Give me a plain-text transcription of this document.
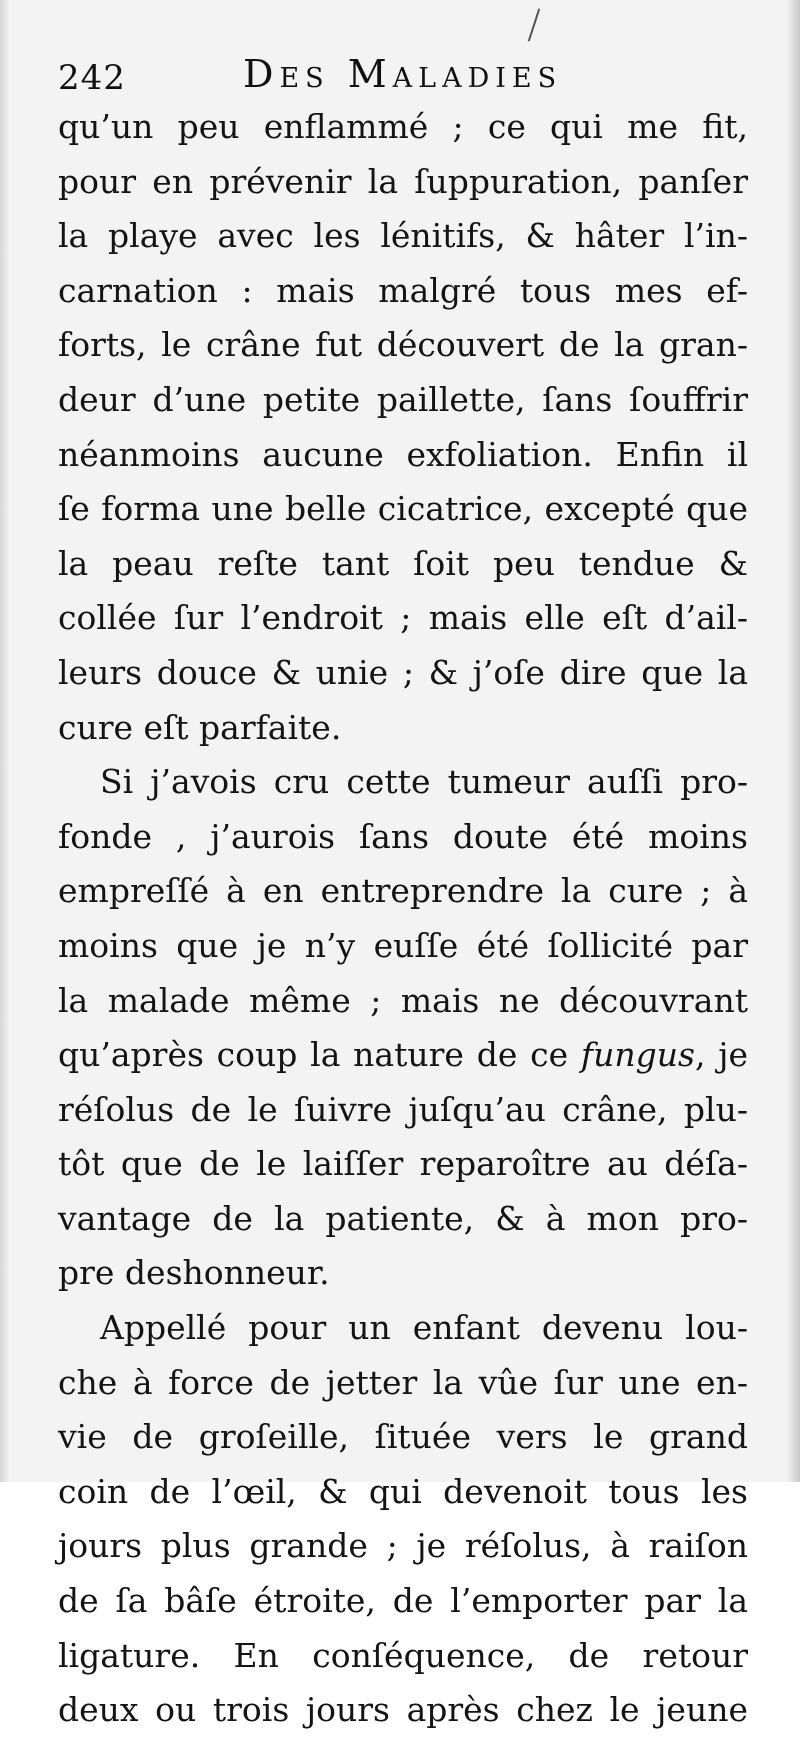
242	Des Maladies
qu’un peu enflammé ; ce qui me fit,
pour en prévenir la ſuppuration, panſer
la playe avec les lénitifs, & hâter l’in-
carnation : mais malgré tous mes ef-
forts, le crâne fut découvert de la gran-
deur d’une petite paillette, ſans ſouffrir
néanmoins aucune exfoliation. Enfin il
ſe forma une belle cicatrice, excepté que
la peau reſte tant ſoit peu tendue &
collée ſur l’endroit ; mais elle eſt d’ail-
leurs douce & unie ; & j’oſe dire que la
cure eſt parfaite.
Si j’avois cru cette tumeur auſſi pro-
fonde , j’aurois ſans doute été moins
empreſſé à en entreprendre la cure ; à
moins que je n’y euſſe été ſollicité par
la malade même ; mais ne découvrant
qu’après coup la nature de ce fungus, je
réſolus de le ſuivre juſqu’au crâne, plu-
tôt que de le laiſſer reparoître au déſa-
vantage de la patiente, & à mon pro-
pre deshonneur.
Appellé pour un enfant devenu lou-
che à force de jetter la vûe ſur une en-
vie de groſeille, ſituée vers le grand
coin de l’œil, & qui devenoit tous les
jours plus grande ; je réſolus, à raiſon
de ſa bâſe étroite, de l’emporter par la
ligature. En conſéquence, de retour
deux ou trois jours après chez le jeune
